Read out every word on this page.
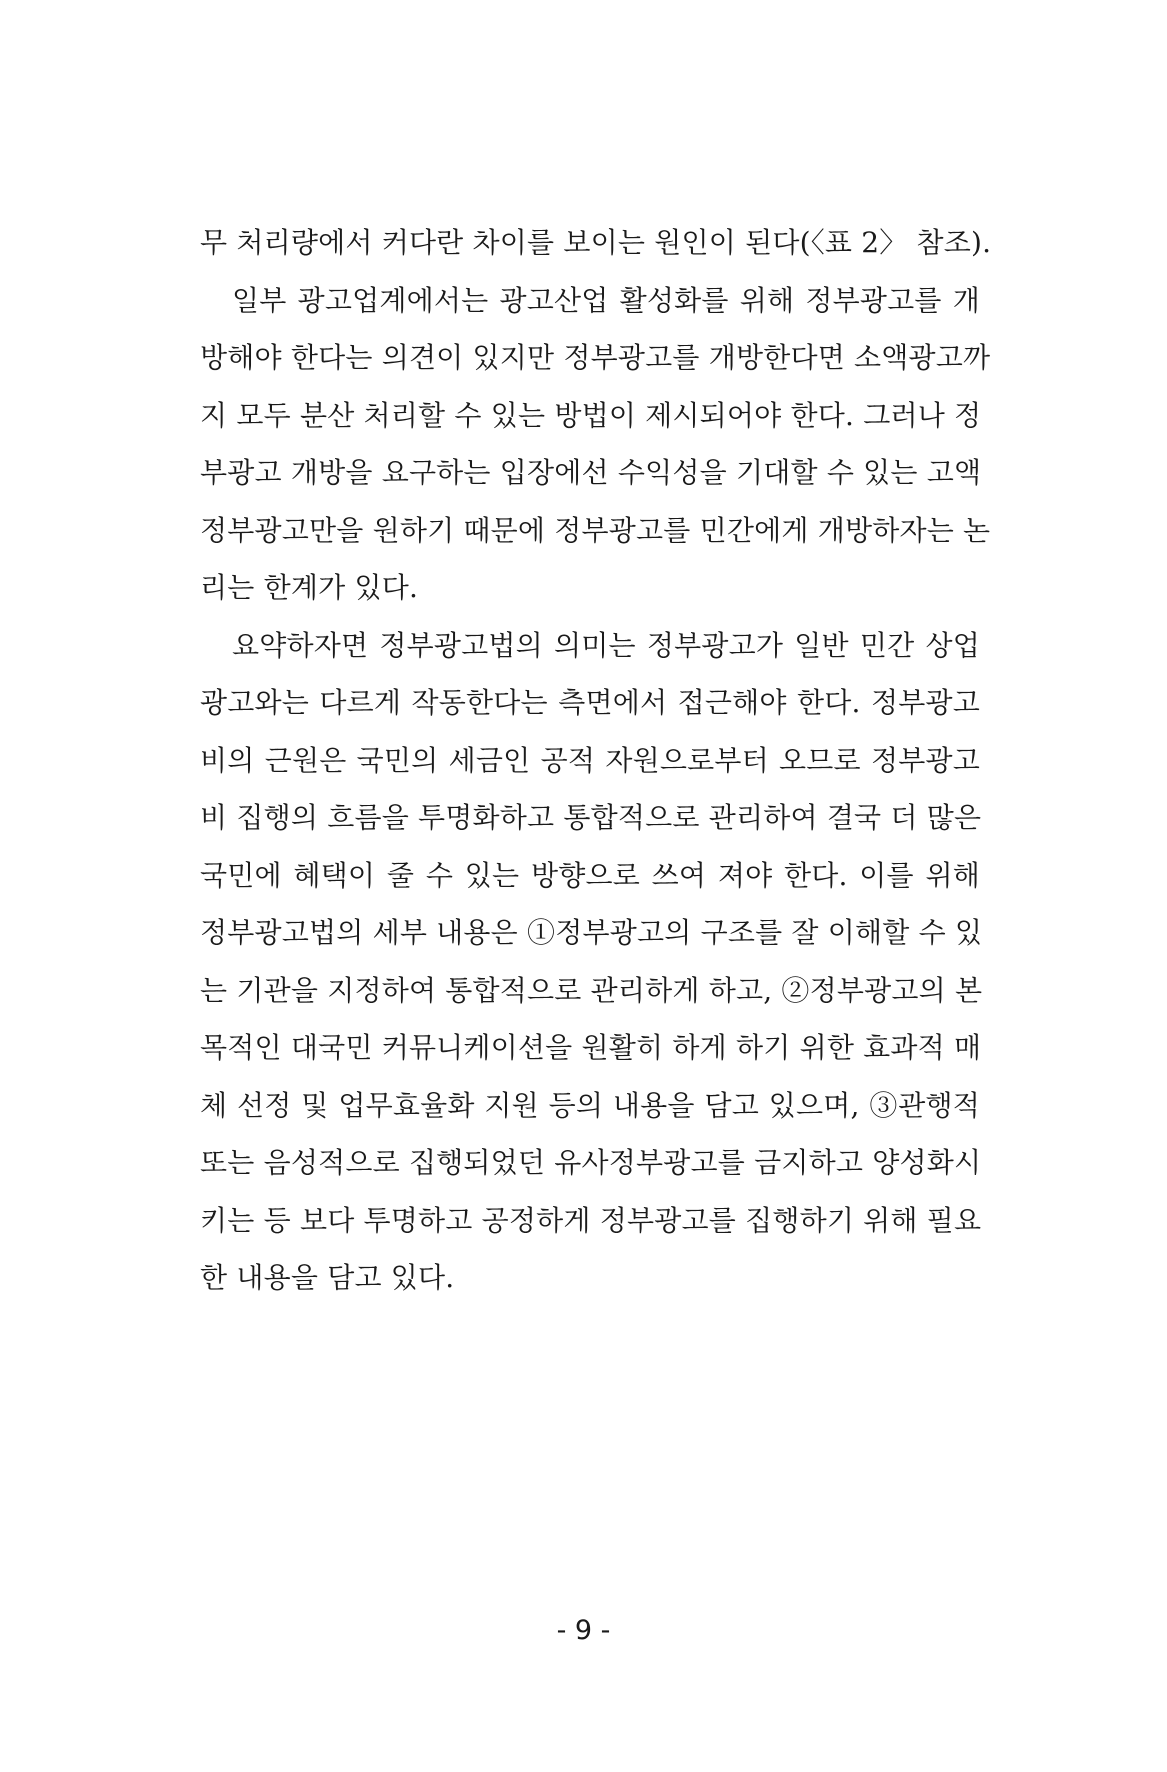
무 처리량에서 커다란 차이를 보이는 원인이 된다(〈표 2〉 참조).
일부 광고업계에서는 광고산업 활성화를 위해 정부광고를 개
방해야 한다는 의견이 있지만 정부광고를 개방한다면 소액광고까
지 모두 분산 처리할 수 있는 방법이 제시되어야 한다. 그러나 정
부광고 개방을 요구하는 입장에선 수익성을 기대할 수 있는 고액
정부광고만을 원하기 때문에 정부광고를 민간에게 개방하자는 논
리는 한계가 있다.
요약하자면 정부광고법의 의미는 정부광고가 일반 민간 상업
광고와는 다르게 작동한다는 측면에서 접근해야 한다. 정부광고
비의 근원은 국민의 세금인 공적 자원으로부터 오므로 정부광고
비 집행의 흐름을 투명화하고 통합적으로 관리하여 결국 더 많은
국민에 혜택이 줄 수 있는 방향으로 쓰여 져야 한다. 이를 위해
정부광고법의 세부 내용은 ①정부광고의 구조를 잘 이해할 수 있
는 기관을 지정하여 통합적으로 관리하게 하고, ②정부광고의 본
목적인 대국민 커뮤니케이션을 원활히 하게 하기 위한 효과적 매
체 선정 및 업무효율화 지원 등의 내용을 담고 있으며, ③관행적
또는 음성적으로 집행되었던 유사정부광고를 금지하고 양성화시
키는 등 보다 투명하고 공정하게 정부광고를 집행하기 위해 필요
한 내용을 담고 있다.
- 9 -
